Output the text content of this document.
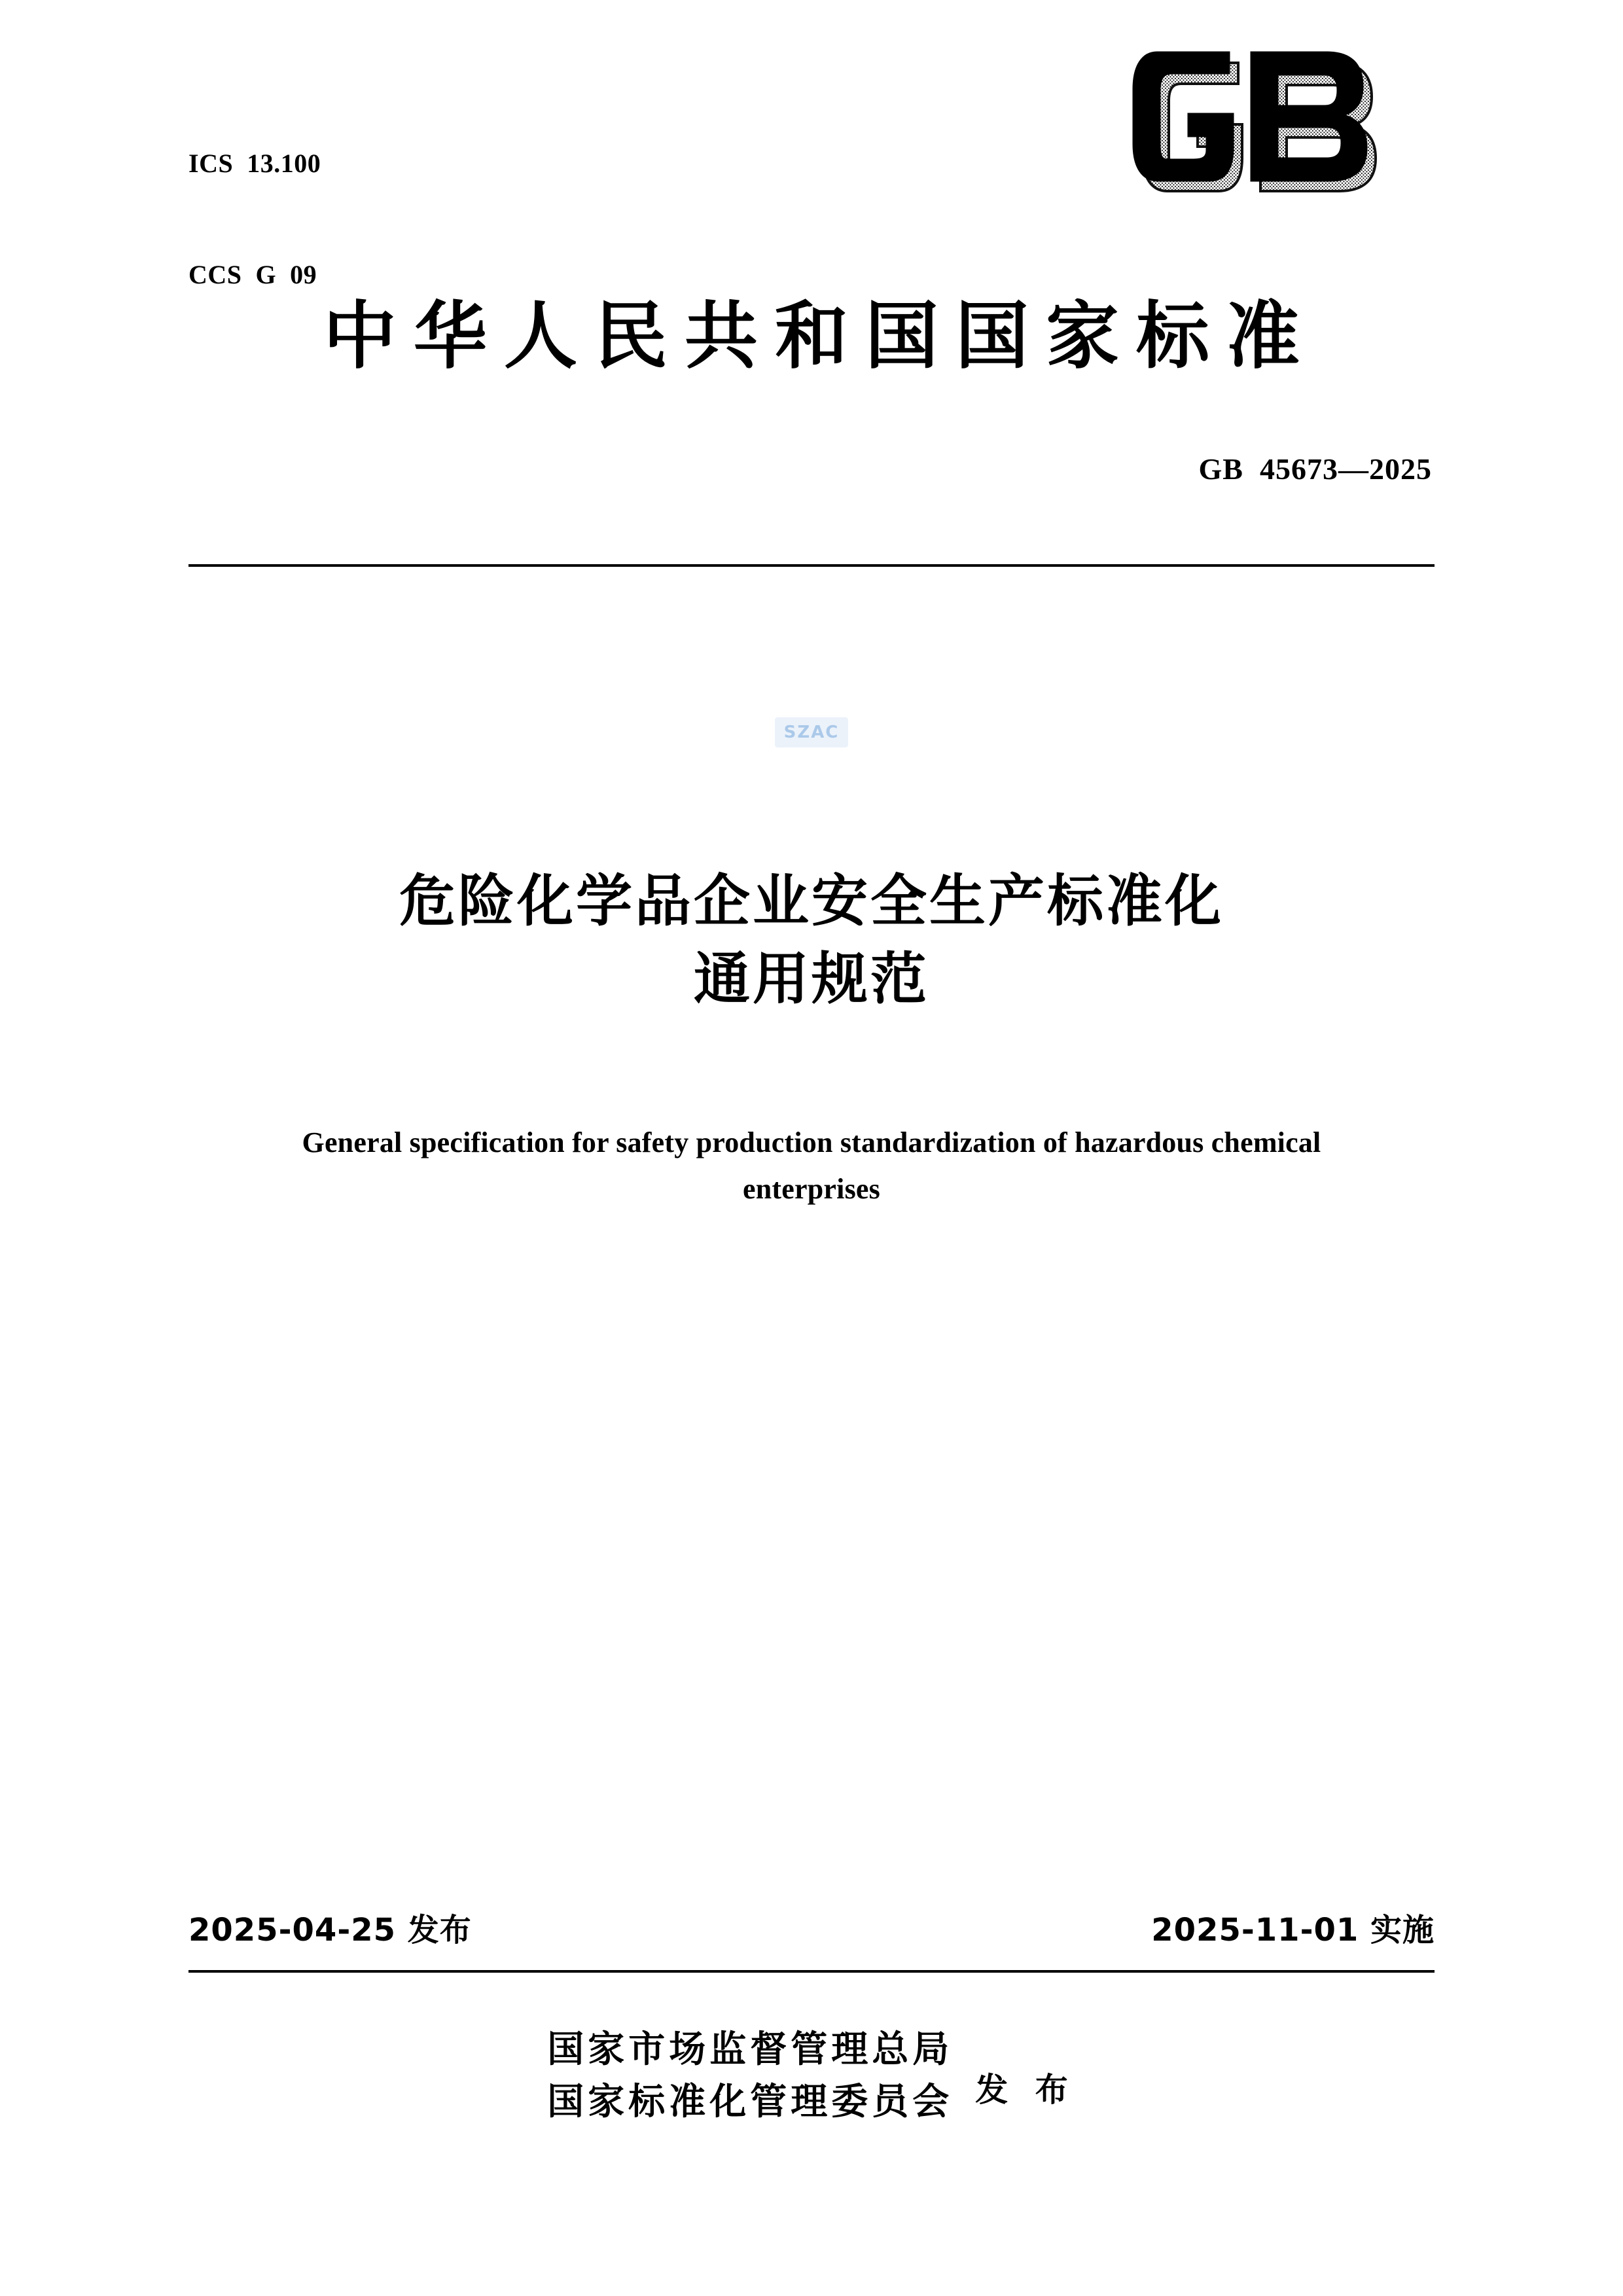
ICS  13.100

CCS  G  09

中华人民共和国国家标准
GB  45673—2025
SZAC
危险化学品企业安全生产标准化
通用规范
General specification for safety production standardization of hazardous chemical enterprises
2025-04-25 发布	2025-11-01 实施
国家市场监督管理总局
国家标准化管理委员会 发 布
